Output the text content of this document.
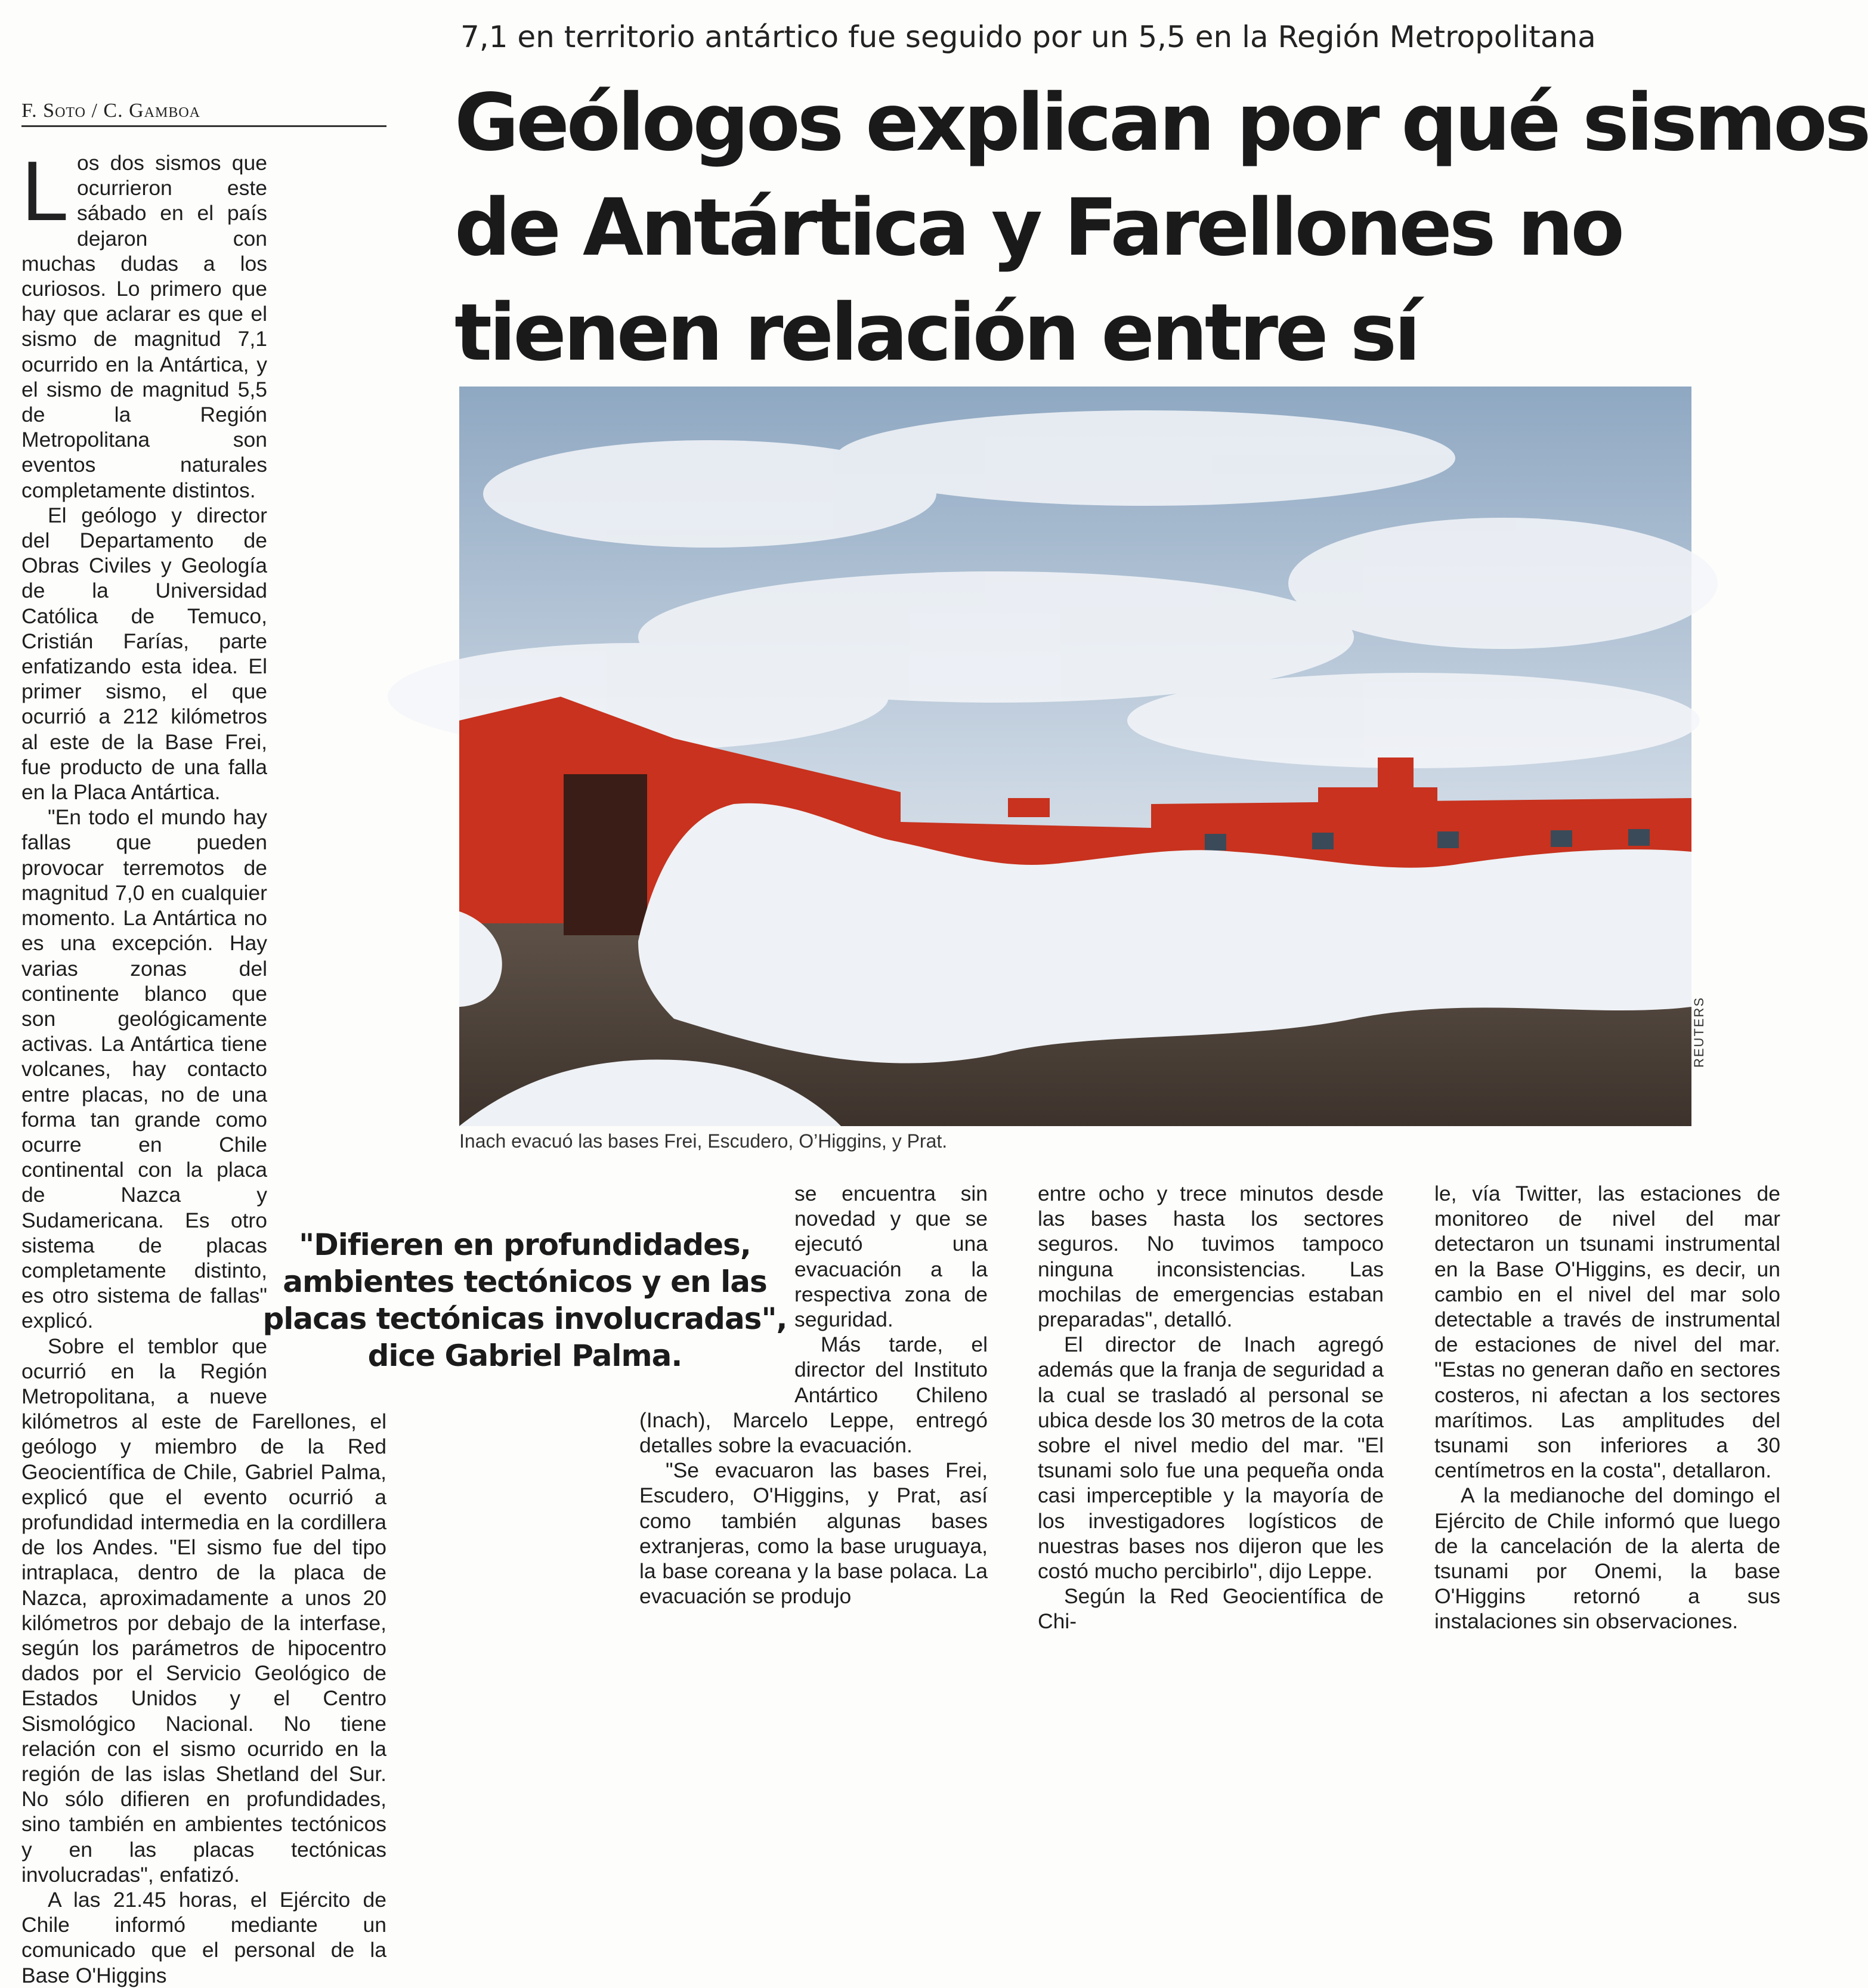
7,1 en territorio antártico fue seguido por un 5,5 en la Región Metropolitana
Geólogos explican por qué sismos
de Antártica y Farellones no
tienen relación entre sí
F. Soto / C. Gamboa

Los dos sismos que ocurrieron este sábado en el país dejaron con muchas dudas a los curiosos. Lo primero que hay que aclarar es que el sismo de magnitud 7,1 ocurrido en la Antártica, y el sismo de magnitud 5,5 de la Región Metropolitana son eventos naturales completamente distintos.

El geólogo y director del Departamento de Obras Civiles y Geología de la Universidad Católica de Temuco, Cristián Farías, parte enfatizando esta idea. El primer sismo, el que ocurrió a 212 kilómetros al este de la Base Frei, fue producto de una falla en la Placa Antártica.

"En todo el mundo hay fallas que pueden provocar terremotos de magnitud 7,0 en cualquier momento. La Antártica no es una excepción. Hay varias zonas del continente blanco que son geológicamente activas. La Antártica tiene volcanes, hay contacto entre placas, no de una forma tan grande como ocurre en Chile continental con la placa de Nazca y Sudamericana. Es otro sistema de placas completamente distinto, es otro sistema de fallas" explicó.

Sobre el temblor que ocurrió en la Región Metropolitana, a nueve kilómetros al este de Farellones, el geólogo y miembro de la Red Geocientífica de Chile, Gabriel Palma, explicó que el evento ocurrió a profundidad intermedia en la cordillera de los Andes. "El sismo fue del tipo intraplaca, dentro de la placa de Nazca, aproximadamente a unos 20 kilómetros por debajo de la interfase, según los parámetros de hipocentro dados por el Servicio Geológico de Estados Unidos y el Centro Sismológico Nacional. No tiene relación con el sismo ocurrido en la región de las islas Shetland del Sur. No sólo difieren en profundidades, sino también en ambientes tectónicos y en las placas tectónicas involucradas", enfatizó.

A las 21.45 horas, el Ejército de Chile informó mediante un comunicado que el personal de la Base O'Higgins

REUTERS
Inach evacuó las bases Frei, Escudero, O’Higgins, y Prat.
"Difieren en profundidades,
ambientes tectónicos y en las
placas tectónicas involucradas",
dice Gabriel Palma.

se encuentra sin novedad y que se ejecutó una evacuación a la respectiva zona de seguridad.

Más tarde, el director del Instituto Antártico Chileno (Inach), Marcelo Leppe, entregó detalles sobre la evacuación.

"Se evacuaron las bases Frei, Escudero, O'Higgins, y Prat, así como también algunas bases extranjeras, como la base uruguaya, la base coreana y la base polaca. La evacuación se produjo

entre ocho y trece minutos desde las bases hasta los sectores seguros. No tuvimos tampoco ninguna inconsistencias. Las mochilas de emergencias estaban preparadas", detalló.

El director de Inach agregó además que la franja de seguridad a la cual se trasladó al personal se ubica desde los 30 metros de la cota sobre el nivel medio del mar. "El tsunami solo fue una pequeña onda casi imperceptible y la mayoría de los investigadores logísticos de nuestras bases nos dijeron que les costó mucho percibirlo", dijo Leppe.

Según la Red Geocientífica de Chi-

le, vía Twitter, las estaciones de monitoreo de nivel del mar detectaron un tsunami instrumental en la Base O'Higgins, es decir, un cambio en el nivel del mar solo detectable a través de instrumental de estaciones de nivel del mar. "Estas no generan daño en sectores costeros, ni afectan a los sectores marítimos. Las amplitudes del tsunami son inferiores a 30 centímetros en la costa", detallaron.

A la medianoche del domingo el Ejército de Chile informó que luego de la cancelación de la alerta de tsunami por Onemi, la base O'Higgins retornó a sus instalaciones sin observaciones.
